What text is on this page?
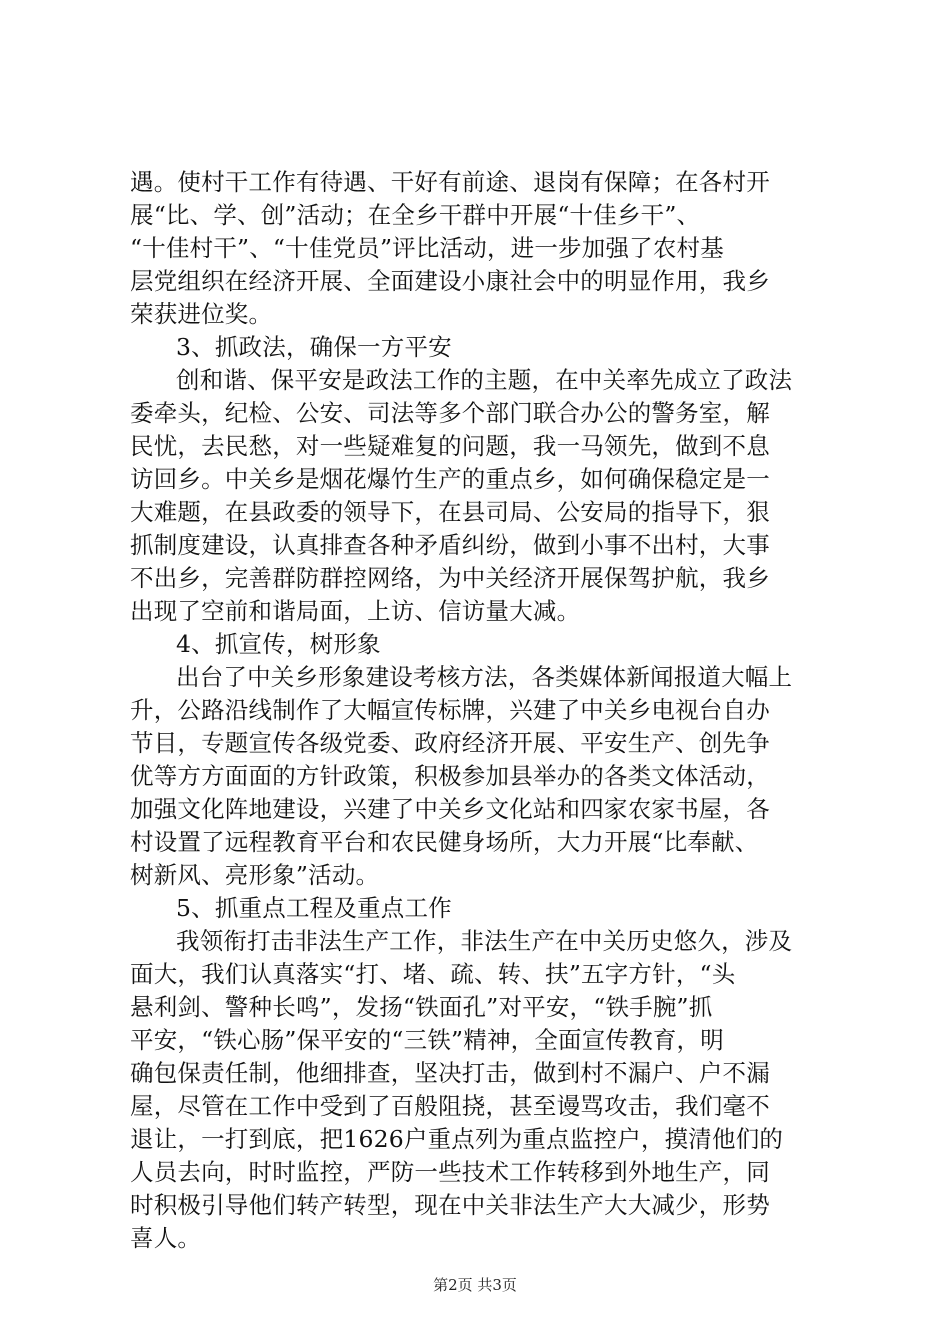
遇。使村干工作有待遇、干好有前途、退岗有保障；在各村开
展“比、学、创”活动；在全乡干群中开展“十佳乡干”、
“十佳村干”、“十佳党员”评比活动，进一步加强了农村基
层党组织在经济开展、全面建设小康社会中的明显作用，我乡
荣获进位奖。
3、抓政法，确保一方平安
创和谐、保平安是政法工作的主题，在中关率先成立了政法
委牵头，纪检、公安、司法等多个部门联合办公的警务室，解
民忧，去民愁，对一些疑难复的问题，我一马领先，做到不息
访回乡。中关乡是烟花爆竹生产的重点乡，如何确保稳定是一
大难题，在县政委的领导下，在县司局、公安局的指导下，狠
抓制度建设，认真排查各种矛盾纠纷，做到小事不出村，大事
不出乡，完善群防群控网络，为中关经济开展保驾护航，我乡
出现了空前和谐局面，上访、信访量大减。
4、抓宣传，树形象
出台了中关乡形象建设考核方法，各类媒体新闻报道大幅上
升，公路沿线制作了大幅宣传标牌，兴建了中关乡电视台自办
节目，专题宣传各级党委、政府经济开展、平安生产、创先争
优等方方面面的方针政策，积极参加县举办的各类文体活动，
加强文化阵地建设，兴建了中关乡文化站和四家农家书屋，各
村设置了远程教育平台和农民健身场所，大力开展“比奉献、
树新风、亮形象”活动。
5、抓重点工程及重点工作
我领衔打击非法生产工作，非法生产在中关历史悠久，涉及
面大，我们认真落实“打、堵、疏、转、扶”五字方针，“头
悬利剑、警种长鸣”，发扬“铁面孔”对平安，“铁手腕”抓
平安，“铁心肠”保平安的“三铁”精神，全面宣传教育，明
确包保责任制，他细排查，坚决打击，做到村不漏户、户不漏
屋，尽管在工作中受到了百般阻挠，甚至谩骂攻击，我们毫不
退让，一打到底，把1626户重点列为重点监控户，摸清他们的
人员去向，时时监控，严防一些技术工作转移到外地生产，同
时积极引导他们转产转型，现在中关非法生产大大减少，形势
喜人。
第2页 共3页
